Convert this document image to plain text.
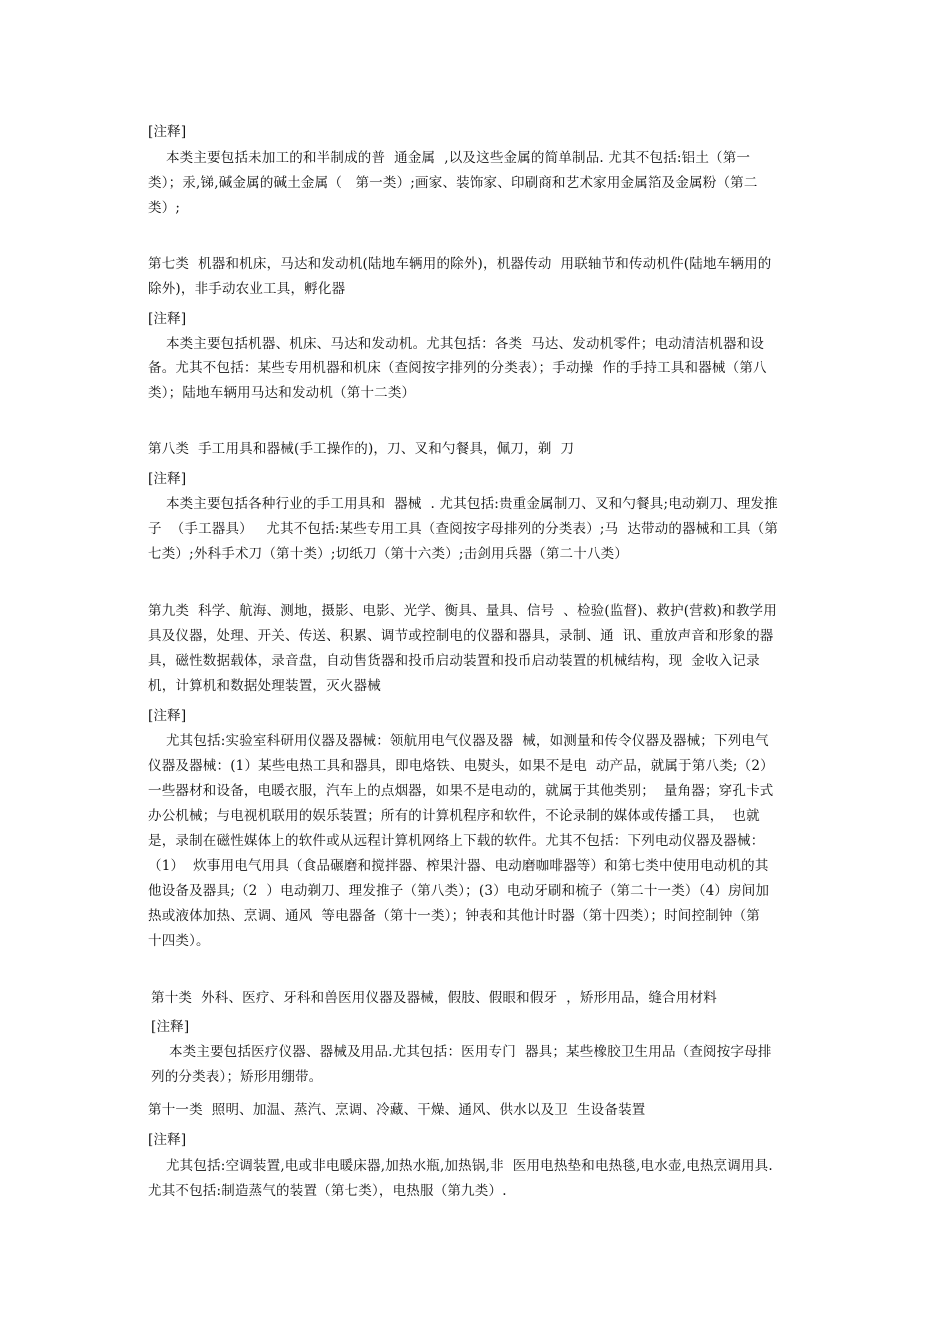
[注释]
本类主要包括未加工的和半制成的普  通金属  ,以及这些金属的简单制品. 尤其不包括:铝土（第一
类）；汞,锑,碱金属的碱土金属（   第一类）;画家、装饰家、印刷商和艺术家用金属箔及金属粉（第二
类）;
第七类  机器和机床，马达和发动机(陆地车辆用的除外)，机器传动  用联轴节和传动机件(陆地车辆用的
除外)，非手动农业工具，孵化器
[注释]
本类主要包括机器、机床、马达和发动机。尤其包括：各类  马达、发动机零件；电动清洁机器和设
备。尤其不包括：某些专用机器和机床（查阅按字排列的分类表）；手动操  作的手持工具和器械（第八
类）；陆地车辆用马达和发动机（第十二类）
第八类  手工用具和器械(手工操作的)，刀、叉和勺餐具，佩刀，剃  刀
[注释]
本类主要包括各种行业的手工用具和  器械  . 尤其包括:贵重金属制刀、叉和勺餐具;电动剃刀、理发推
子  （手工器具）   尤其不包括:某些专用工具（查阅按字母排列的分类表）;马  达带动的器械和工具（第
七类）;外科手术刀（第十类）;切纸刀（第十六类）;击剑用兵器（第二十八类）
第九类  科学、航海、测地，摄影、电影、光学、衡具、量具、信号  、检验(监督)、救护(营救)和教学用
具及仪器，处理、开关、传送、积累、调节或控制电的仪器和器具，录制、通  讯、重放声音和形象的器
具，磁性数据载体，录音盘，自动售货器和投币启动装置和投币启动装置的机械结构，现  金收入记录
机，计算机和数据处理装置，灭火器械
[注释]
尤其包括:实验室科研用仪器及器械：领航用电气仪器及器  械，如测量和传令仪器及器械；下列电气
仪器及器械：(1）某些电热工具和器具，即电烙铁、电熨头，如果不是电  动产品，就属于第八类;（2）
一些器材和设备，电暖衣服，汽车上的点烟器，如果不是电动的，就属于其他类别；  量角器；穿孔卡式
办公机械；与电视机联用的娱乐装置；所有的计算机程序和软件，不论录制的媒体或传播工具，  也就
是，录制在磁性媒体上的软件或从远程计算机网络上下载的软件。尤其不包括：下列电动仪器及器械：
（1）  炊事用电气用具（食品碾磨和搅拌器、榨果汁器、电动磨咖啡器等）和第七类中使用电动机的其
他设备及器具;（2  ）电动剃刀、理发推子（第八类）；(3）电动牙刷和梳子（第二十一类）（4）房间加
热或液体加热、烹调、通风  等电器备（第十一类）；钟表和其他计时器（第十四类）；时间控制钟（第
十四类）。
第十类  外科、医疗、牙科和兽医用仪器及器械，假肢、假眼和假牙  ，矫形用品，缝合用材料
[注释]
本类主要包括医疗仪器、器械及用品.尤其包括：医用专门  器具；某些橡胶卫生用品（查阅按字母排
列的分类表）；矫形用绷带。
第十一类  照明、加温、蒸汽、烹调、冷藏、干燥、通风、供水以及卫  生设备装置
[注释]
尤其包括:空调装置,电或非电暖床器,加热水瓶,加热锅,非  医用电热垫和电热毯,电水壶,电热烹调用具.
尤其不包括:制造蒸气的装置（第七类），电热服（第九类）.
